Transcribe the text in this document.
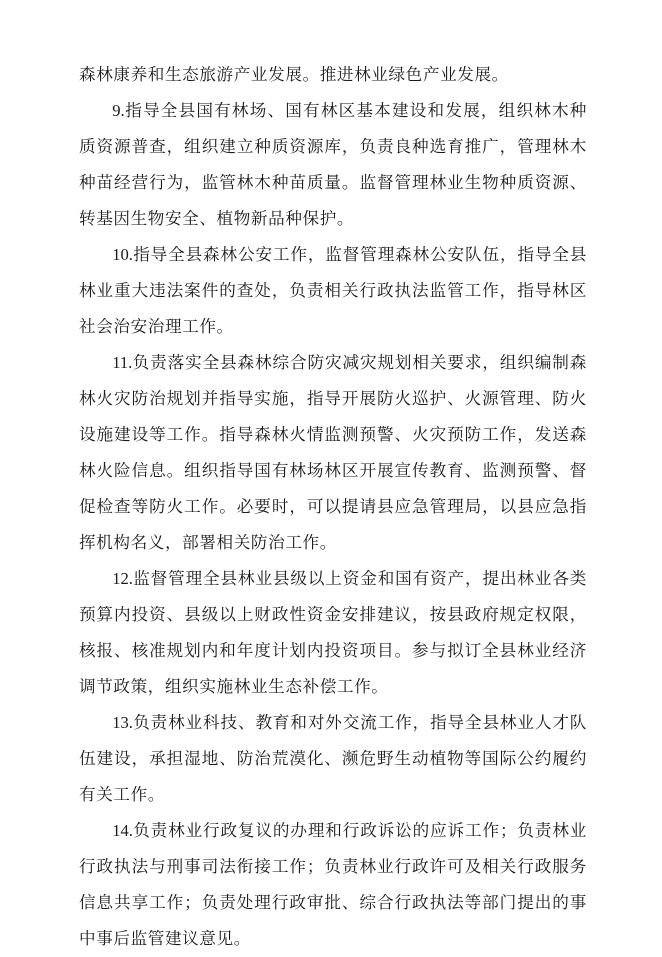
森林康养和生态旅游产业发展。推进林业绿色产业发展。

9.指导全县国有林场、国有林区基本建设和发展，组织林木种质资源普查，组织建立种质资源库，负责良种选育推广，管理林木种苗经营行为，监管林木种苗质量。监督管理林业生物种质资源、转基因生物安全、植物新品种保护。

10.指导全县森林公安工作，监督管理森林公安队伍，指导全县林业重大违法案件的查处，负责相关行政执法监管工作，指导林区社会治安治理工作。

11.负责落实全县森林综合防灾减灾规划相关要求，组织编制森林火灾防治规划并指导实施，指导开展防火巡护、火源管理、防火设施建设等工作。指导森林火情监测预警、火灾预防工作，发送森林火险信息。组织指导国有林场林区开展宣传教育、监测预警、督促检查等防火工作。必要时，可以提请县应急管理局，以县应急指挥机构名义，部署相关防治工作。

12.监督管理全县林业县级以上资金和国有资产，提出林业各类预算内投资、县级以上财政性资金安排建议，按县政府规定权限，核报、核准规划内和年度计划内投资项目。参与拟订全县林业经济调节政策，组织实施林业生态补偿工作。

13.负责林业科技、教育和对外交流工作，指导全县林业人才队伍建设，承担湿地、防治荒漠化、濒危野生动植物等国际公约履约有关工作。

14.负责林业行政复议的办理和行政诉讼的应诉工作；负责林业行政执法与刑事司法衔接工作；负责林业行政许可及相关行政服务信息共享工作；负责处理行政审批、综合行政执法等部门提出的事中事后监管建议意见。
